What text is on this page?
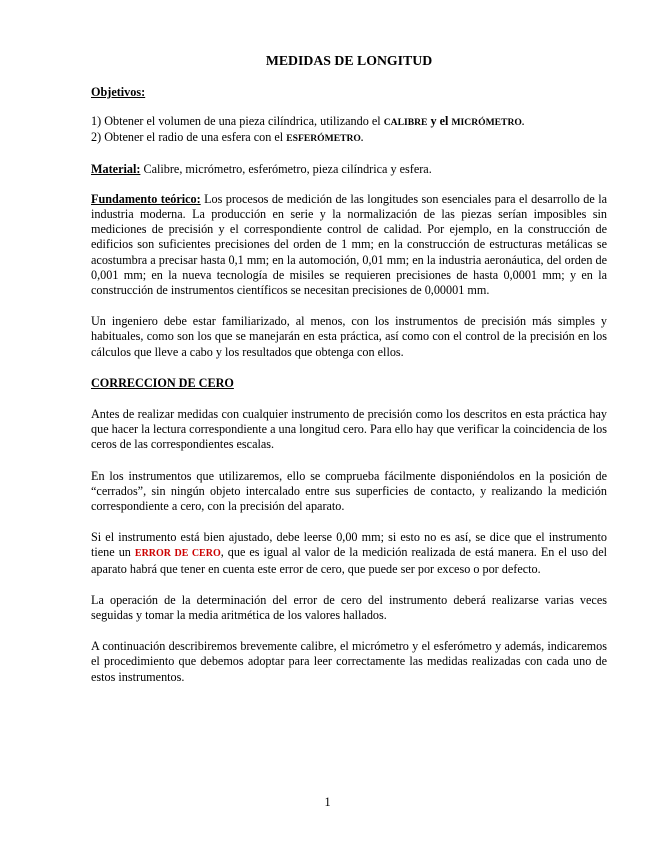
MEDIDAS DE LONGITUD
Objetivos:

1) Obtener el volumen de una pieza cilíndrica, utilizando el CALIBRE y el MICRÓMETRO.

2) Obtener el radio de una esfera con el ESFERÓMETRO.

Material: Calibre, micrómetro, esferómetro, pieza cilíndrica y esfera.

Fundamento teórico: Los procesos de medición de las longitudes son esenciales para el desarrollo de la industria moderna. La producción en serie y la normalización de las piezas serían imposibles sin mediciones de precisión y el correspondiente control de calidad. Por ejemplo, en la construcción de edificios son suficientes precisiones del orden de 1 mm; en la construcción de estructuras metálicas se acostumbra a precisar hasta 0,1 mm; en la automoción, 0,01 mm; en la industria aeronáutica, del orden de 0,001 mm; en la nueva tecnología de misiles se requieren precisiones de hasta 0,0001 mm; y en la construcción de instrumentos científicos se necesitan precisiones de 0,00001 mm.

Un ingeniero debe estar familiarizado, al menos, con los instrumentos de precisión más simples y habituales, como son los que se manejarán en esta práctica, así como con el control de la precisión en los cálculos que lleve a cabo y los resultados que obtenga con ellos.

CORRECCION DE CERO

Antes de realizar medidas con cualquier instrumento de precisión como los descritos en esta práctica hay que hacer la lectura correspondiente a una longitud cero. Para ello hay que verificar la coincidencia de los ceros de las correspondientes escalas.

En los instrumentos que utilizaremos, ello se comprueba fácilmente disponiéndolos en la posición de “cerrados”, sin ningún objeto intercalado entre sus superficies de contacto, y realizando la medición correspondiente a cero, con la precisión del aparato.

Si el instrumento está bien ajustado, debe leerse 0,00 mm; si esto no es así, se dice que el instrumento tiene un ERROR DE CERO, que es igual al valor de la medición realizada de está manera. En el uso del aparato habrá que tener en cuenta este error de cero, que puede ser por exceso o por defecto.

La operación de la determinación del error de cero del instrumento deberá realizarse varias veces seguidas y tomar la media aritmética de los valores hallados.

A continuación describiremos brevemente calibre, el micrómetro y el esferómetro y además, indicaremos el procedimiento que debemos adoptar para leer correctamente las medidas realizadas con cada uno de estos instrumentos.

1
